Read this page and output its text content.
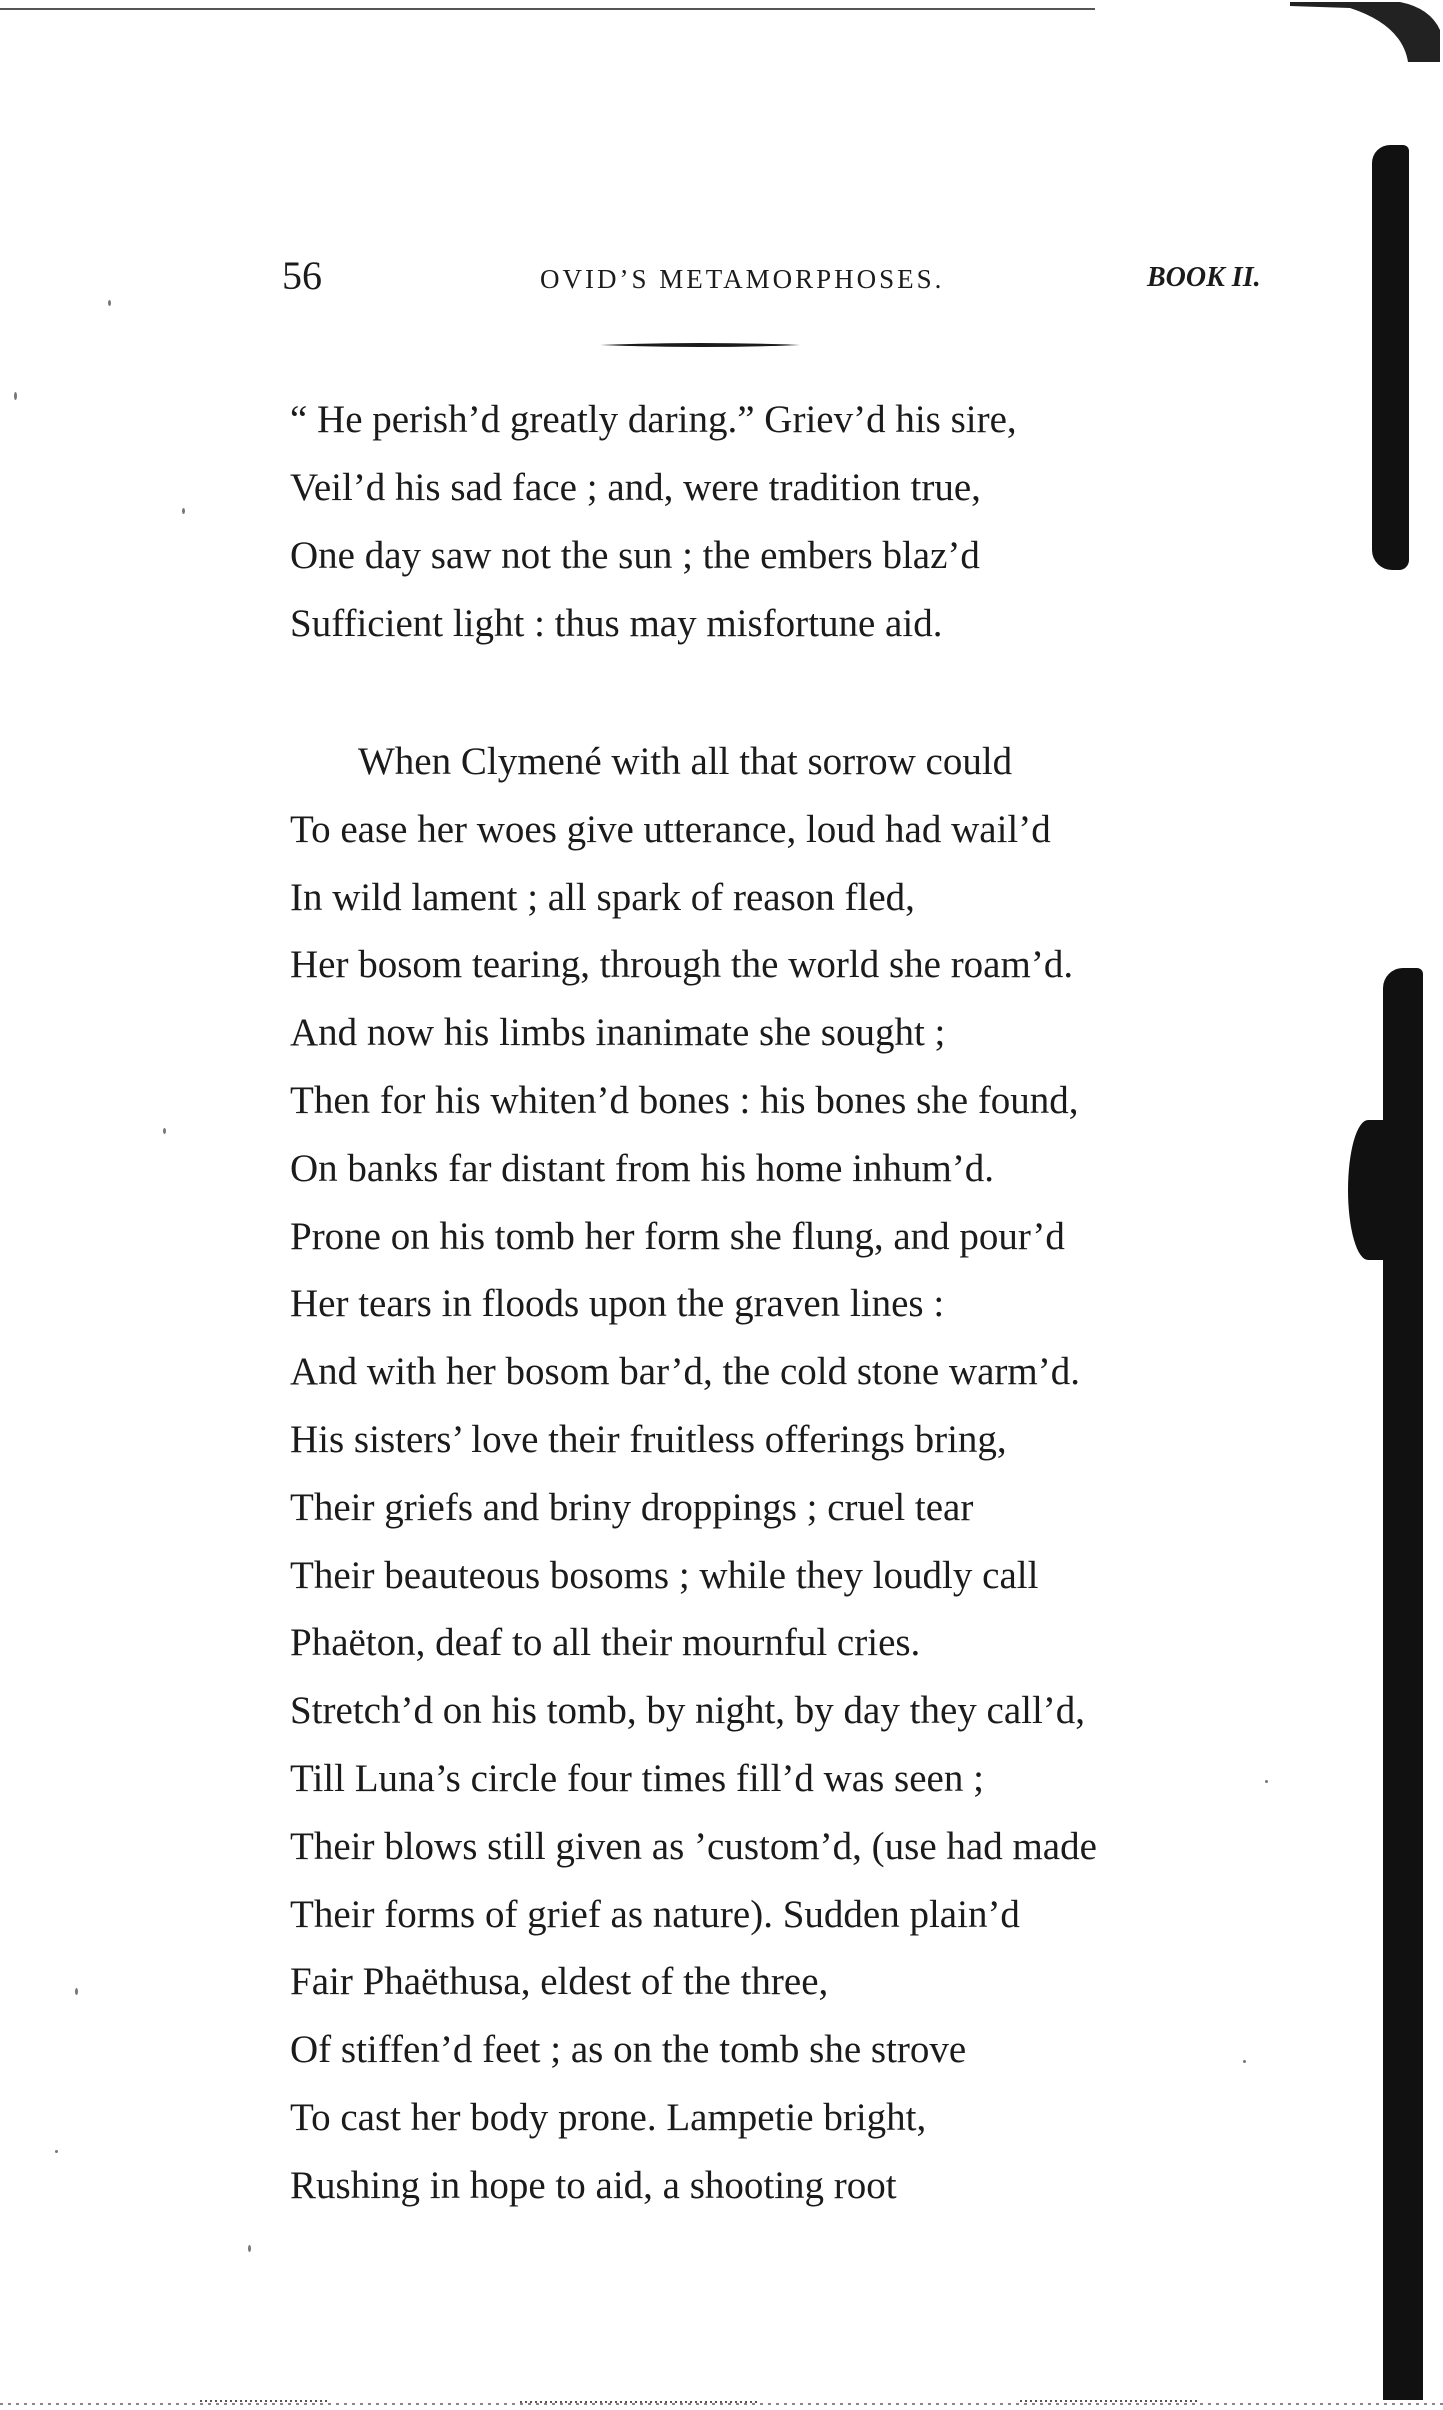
56	OVID’S METAMORPHOSES.	BOOK II.
“ He perish’d greatly daring.” Griev’d his sire,
Veil’d his sad face ; and, were tradition true,
One day saw not the sun ; the embers blaz’d
Sufficient light : thus may misfortune aid.
When Clymené with all that sorrow could
To ease her woes give utterance, loud had wail’d
In wild lament ; all spark of reason fled,
Her bosom tearing, through the world she roam’d.
And now his limbs inanimate she sought ;
Then for his whiten’d bones : his bones she found,
On banks far distant from his home inhum’d.
Prone on his tomb her form she flung, and pour’d
Her tears in floods upon the graven lines :
And with her bosom bar’d, the cold stone warm’d.
His sisters’ love their fruitless offerings bring,
Their griefs and briny droppings ; cruel tear
Their beauteous bosoms ; while they loudly call
Phaëton, deaf to all their mournful cries.
Stretch’d on his tomb, by night, by day they call’d,
Till Luna’s circle four times fill’d was seen ;
Their blows still given as ’custom’d, (use had made
Their forms of grief as nature). Sudden plain’d
Fair Phaëthusa, eldest of the three,
Of stiffen’d feet ; as on the tomb she strove
To cast her body prone. Lampetie bright,
Rushing in hope to aid, a shooting root
